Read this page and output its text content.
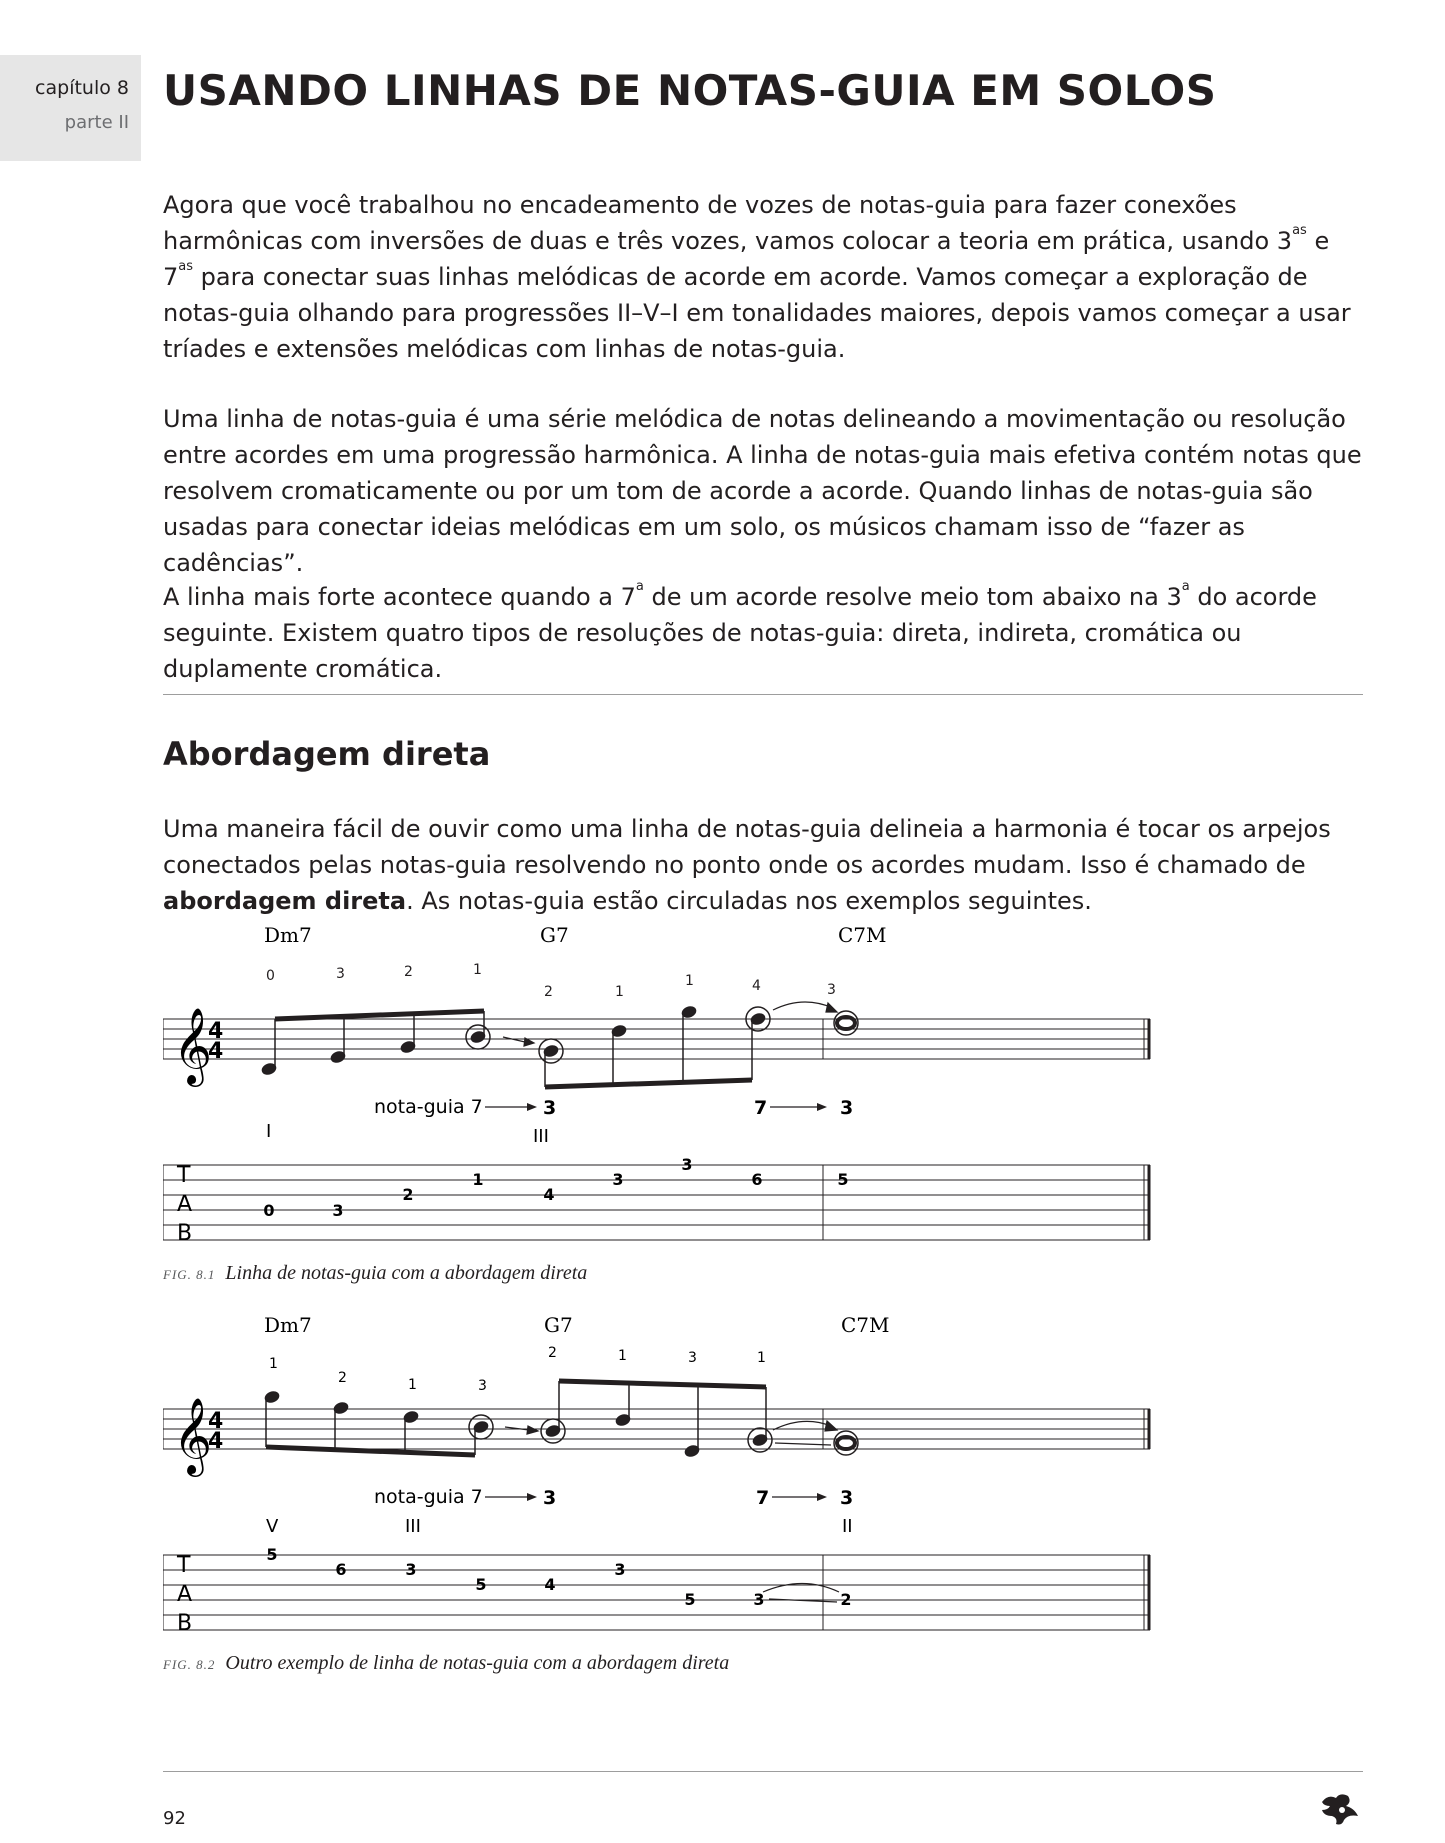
capítulo 8
parte II
USANDO LINHAS DE NOTAS-GUIA EM SOLOS

Agora que você trabalhou no encadeamento de vozes de notas-guia para fazer conexões harmônicas com inversões de duas e três vozes, vamos colocar a teoria em prática, usando $3^{as}$ e $7^{as}$ para conectar suas linhas melódicas de acorde em acorde. Vamos começar a exploração de notas-guia olhando para progressões II–V–I em tonalidades maiores, depois vamos começar a usar tríades e extensões melódicas com linhas de notas-guia.

Uma linha de notas-guia é uma série melódica de notas delineando a movimentação ou resolução entre acordes em uma progressão harmônica. A linha de notas-guia mais efetiva contém notas que resolvem cromaticamente ou por um tom de acorde a acorde. Quando linhas de notas-guia são usadas para conectar ideias melódicas em um solo, os músicos chamam isso de “fazer as cadências”.

A linha mais forte acontece quando a 7$^a$ de um acorde resolve meio tom abaixo na 3$^a$ do acorde seguinte. Existem quatro tipos de resoluções de notas-guia: direta, indireta, cromática ou duplamente cromática.

Abordagem direta

Uma maneira fácil de ouvir como uma linha de notas-guia delineia a harmonia é tocar os arpejos conectados pelas notas-guia resolvendo no ponto onde os acordes mudam. Isso é chamado de abordagem direta. As notas-guia estão circuladas nos exemplos seguintes.

Dm7	G7	C7M
0	3	2	1
2	1
1	4	3
𝄞
4
4
nota-guia 7	3	7	3
I	III
T
A
B
0	3
2
1
4
3
3
6	5
FIG. 8.1 Linha de notas-guia com a abordagem direta
Dm7	G7	C7M
1
2	1	3
2	1	3	1
𝄞
4
4
nota-guia 7	3	7	3
V	III	II
T
A
B
5
6	3
5	4
3
5	3	2
FIG. 8.2 Outro exemplo de linha de notas-guia com a abordagem direta
92
